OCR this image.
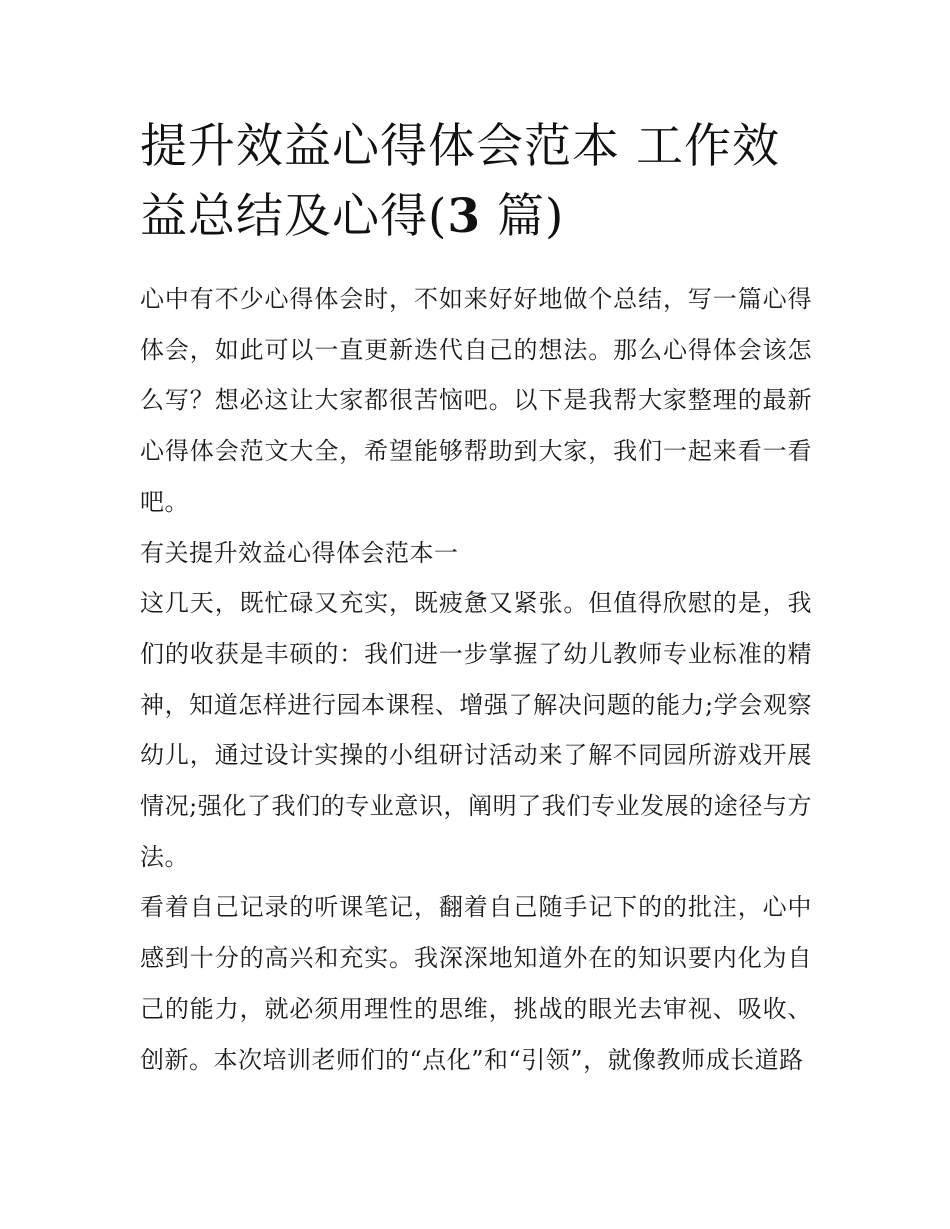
提升效益心得体会范本 工作效益总结及心得(3 篇)

心中有不少心得体会时，不如来好好地做个总结，写一篇心得体会，如此可以一直更新迭代自己的想法。那么心得体会该怎么写？想必这让大家都很苦恼吧。以下是我帮大家整理的最新心得体会范文大全，希望能够帮助到大家，我们一起来看一看吧。

有关提升效益心得体会范本一

这几天，既忙碌又充实，既疲惫又紧张。但值得欣慰的是，我们的收获是丰硕的：我们进一步掌握了幼儿教师专业标准的精神，知道怎样进行园本课程、增强了解决问题的能力;学会观察幼儿，通过设计实操的小组研讨活动来了解不同园所游戏开展情况;强化了我们的专业意识，阐明了我们专业发展的途径与方法。

看着自己记录的听课笔记，翻着自己随手记下的的批注，心中感到十分的高兴和充实。我深深地知道外在的知识要内化为自己的能力，就必须用理性的思维，挑战的眼光去审视、吸收、创新。本次培训老师们的“点化”和“引领”，就像教师成长道路
